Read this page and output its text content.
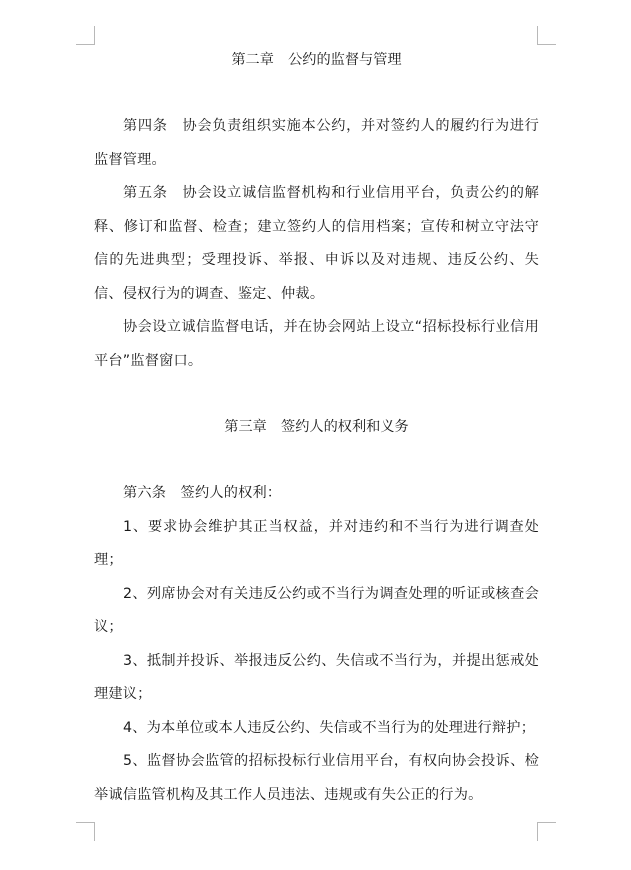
第二章　公约的监督与管理

第四条　协会负责组织实施本公约，并对签约人的履约行为进行监督管理。

第五条　协会设立诚信监督机构和行业信用平台，负责公约的解释、修订和监督、检查；建立签约人的信用档案；宣传和树立守法守信的先进典型；受理投诉、举报、申诉以及对违规、违反公约、失信、侵权行为的调查、鉴定、仲裁。

协会设立诚信监督电话，并在协会网站上设立“招标投标行业信用平台”监督窗口。

第三章　签约人的权利和义务

第六条　签约人的权利：

1、要求协会维护其正当权益，并对违约和不当行为进行调查处理；

2、列席协会对有关违反公约或不当行为调查处理的听证或核查会议；

3、抵制并投诉、举报违反公约、失信或不当行为，并提出惩戒处理建议；

4、为本单位或本人违反公约、失信或不当行为的处理进行辩护；

5、监督协会监管的招标投标行业信用平台，有权向协会投诉、检举诚信监管机构及其工作人员违法、违规或有失公正的行为。
